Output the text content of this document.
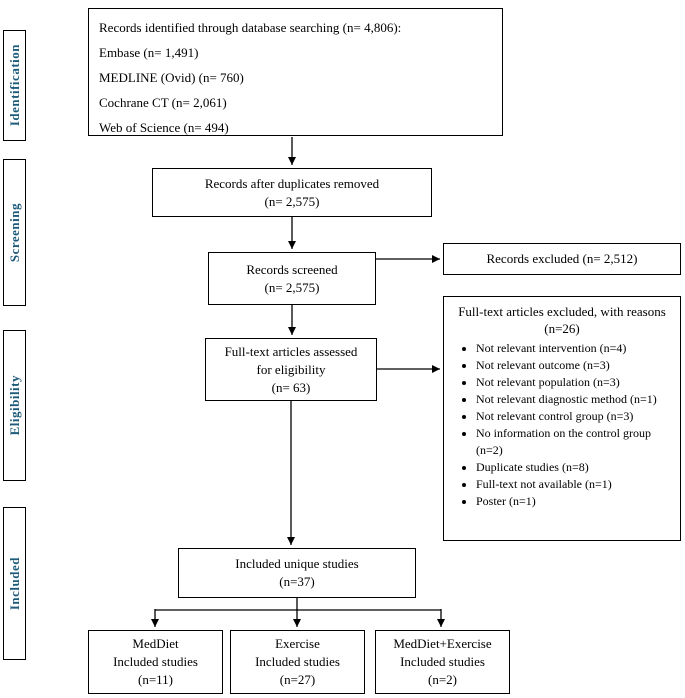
Identification
Screening
Eligibility
Included
Records identified through database searching (n= 4,806):
Embase (n= 1,491)
MEDLINE (Ovid) (n= 760)
Cochrane CT (n= 2,061)
Web of Science (n= 494)
Records after duplicates removed
(n= 2,575)
Records screened
(n= 2,575)
Records excluded (n= 2,512)
Full-text articles assessed
for eligibility
(n= 63)
Full-text articles excluded, with reasons
(n=26)
• Not relevant intervention (n=4)
• Not relevant outcome (n=3)
• Not relevant population (n=3)
• Not relevant diagnostic method (n=1)
• Not relevant control group (n=3)
• No information on the control group (n=2)
• Duplicate studies (n=8)
• Full-text not available (n=1)
• Poster (n=1)
Included unique studies
(n=37)
MedDiet
Included studies
(n=11)
Exercise
Included studies
(n=27)
MedDiet+Exercise
Included studies
(n=2)
